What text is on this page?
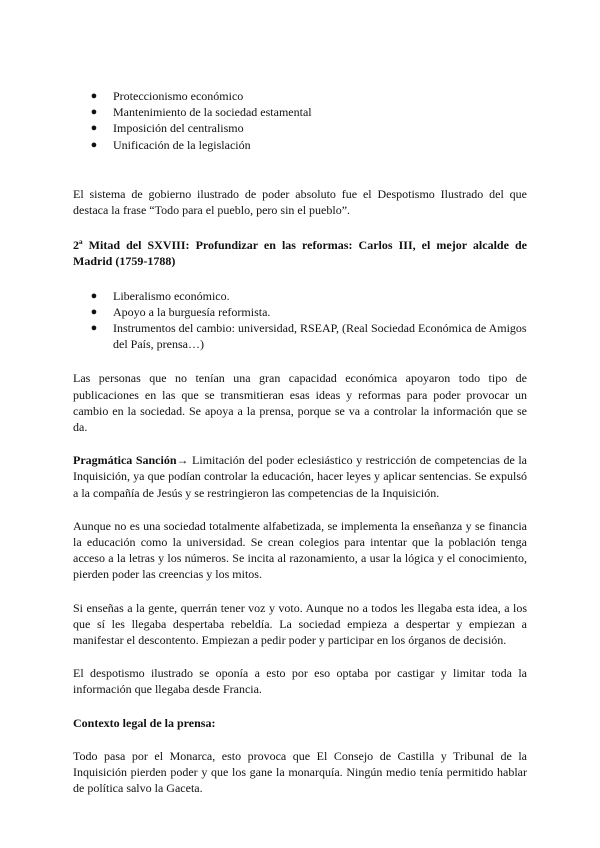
● Proteccionismo económico
● Mantenimiento de la sociedad estamental
● Imposición del centralismo
● Unificación de la legislación

El sistema de gobierno ilustrado de poder absoluto fue el Despotismo Ilustrado del que destaca la frase “Todo para el pueblo, pero sin el pueblo”.

2ª Mitad del SXVIII: Profundizar en las reformas: Carlos III, el mejor alcalde de Madrid (1759-1788)

● Liberalismo económico.
● Apoyo a la burguesía reformista.
● Instrumentos del cambio: universidad, RSEAP, (Real Sociedad Económica de Amigos del País, prensa…)

Las personas que no tenían una gran capacidad económica apoyaron todo tipo de publicaciones en las que se transmitieran esas ideas y reformas para poder provocar un cambio en la sociedad. Se apoya a la prensa, porque se va a controlar la información que se da.

Pragmática Sanción→ Limitación del poder eclesiástico y restricción de competencias de la Inquisición, ya que podían controlar la educación, hacer leyes y aplicar sentencias. Se expulsó a la compañía de Jesús y se restringieron las competencias de la Inquisición.

Aunque no es una sociedad totalmente alfabetizada, se implementa la enseñanza y se financia la educación como la universidad. Se crean colegios para intentar que la población tenga acceso a la letras y los números. Se incita al razonamiento, a usar la lógica y el conocimiento, pierden poder las creencias y los mitos.

Si enseñas a la gente, querrán tener voz y voto. Aunque no a todos les llegaba esta idea, a los que sí les llegaba despertaba rebeldía. La sociedad empieza a despertar y empiezan a manifestar el descontento. Empiezan a pedir poder y participar en los órganos de decisión.

El despotismo ilustrado se oponía a esto por eso optaba por castigar y limitar toda la información que llegaba desde Francia.

Contexto legal de la prensa:

Todo pasa por el Monarca, esto provoca que El Consejo de Castilla y Tribunal de la Inquisición pierden poder y que los gane la monarquía. Ningún medio tenía permitido hablar de política salvo la Gaceta.
